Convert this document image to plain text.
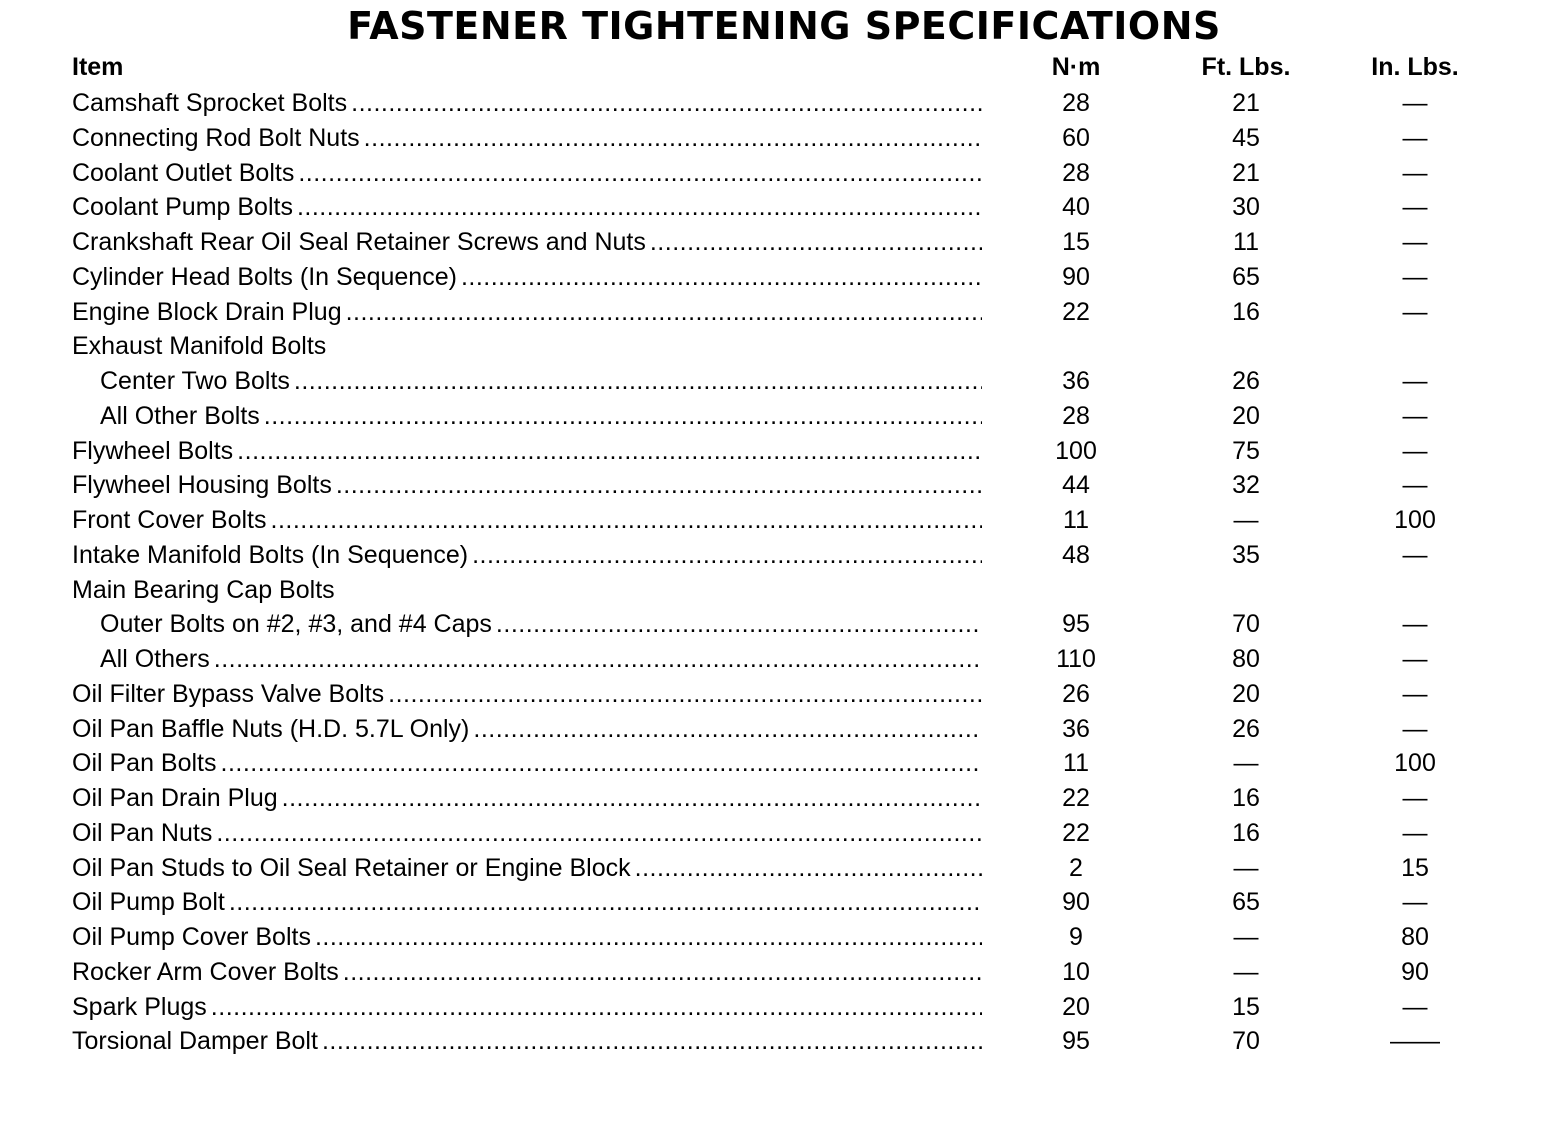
FASTENER TIGHTENING SPECIFICATIONS
Item	N·m	Ft. Lbs.	In. Lbs.
Camshaft Sprocket Bolts .....	28	21	—
Connecting Rod Bolt Nuts .....	60	45	—
Coolant Outlet Bolts .....	28	21	—
Coolant Pump Bolts .....	40	30	—
Crankshaft Rear Oil Seal Retainer Screws and Nuts .....	15	11	—
Cylinder Head Bolts (In Sequence) .....	90	65	—
Engine Block Drain Plug .....	22	16	—
Exhaust Manifold Bolts
Center Two Bolts .....	36	26	—
All Other Bolts .....	28	20	—
Flywheel Bolts .....	100	75	—
Flywheel Housing Bolts .....	44	32	—
Front Cover Bolts .....	11	—	100
Intake Manifold Bolts (In Sequence) .....	48	35	—
Main Bearing Cap Bolts
Outer Bolts on #2, #3, and #4 Caps .....	95	70	—
All Others .....	110	80	—
Oil Filter Bypass Valve Bolts .....	26	20	—
Oil Pan Baffle Nuts (H.D. 5.7L Only) .....	36	26	—
Oil Pan Bolts .....	11	—	100
Oil Pan Drain Plug .....	22	16	—
Oil Pan Nuts .....	22	16	—
Oil Pan Studs to Oil Seal Retainer or Engine Block .....	2	—	15
Oil Pump Bolt .....	90	65	—
Oil Pump Cover Bolts .....	9	—	80
Rocker Arm Cover Bolts .....	10	—	90
Spark Plugs .....	20	15	—
Torsional Damper Bolt .....	95	70	——
